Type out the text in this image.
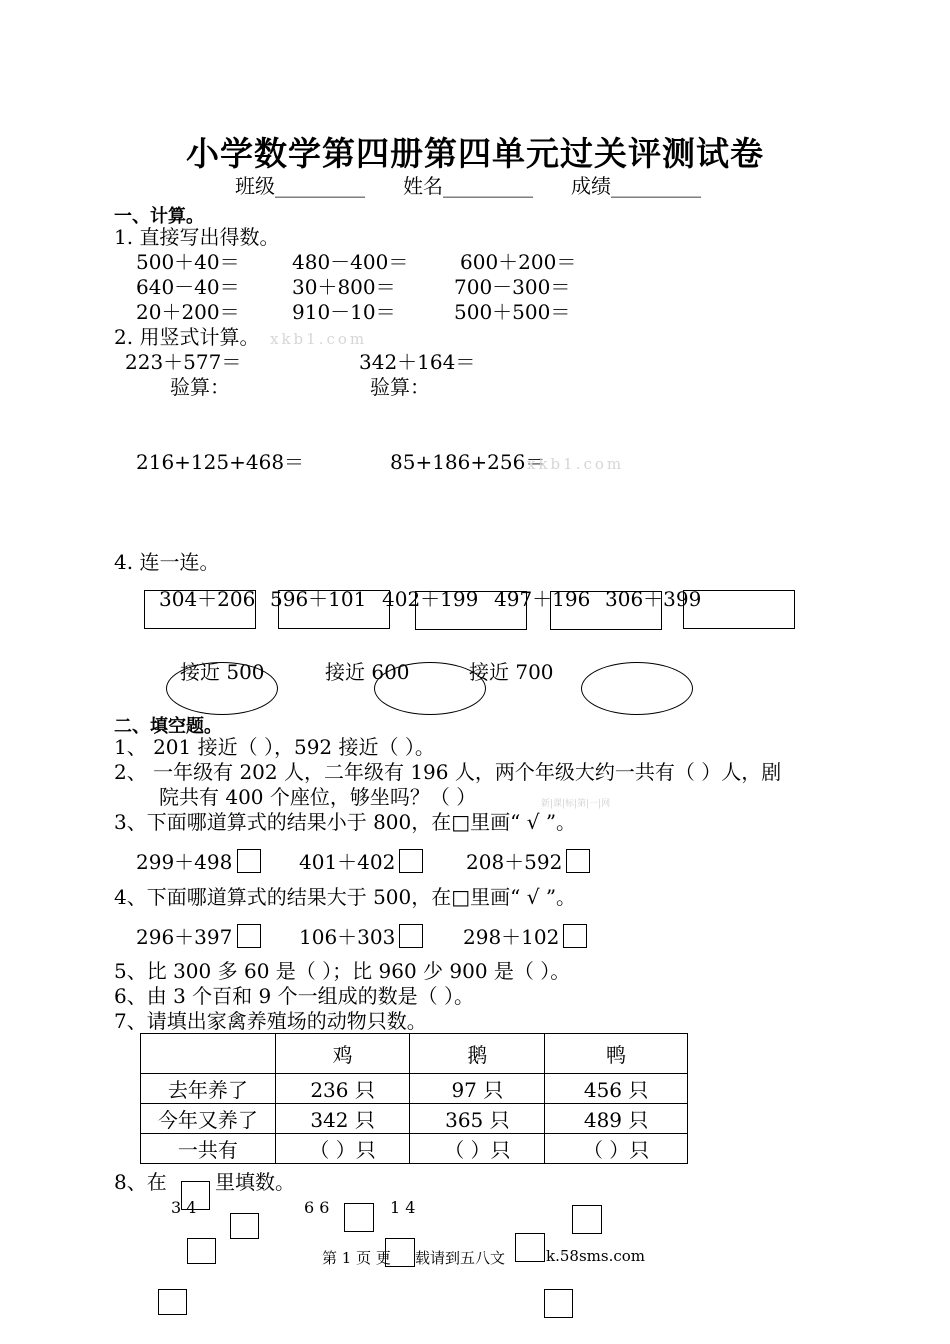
小学数学第四册第四单元过关评测试卷
班级_________ 姓名_________ 成绩_________
一、计算。
1. 直接写出得数。
500＋40＝	480－400＝	600＋200＝
640－40＝	30＋800＝	700－300＝
20＋200＝	910－10＝	500＋500＝
2. 用竖式计算。 xkb1.com
223＋577＝	342＋164＝
验算：	验算：
216+125+468＝	85+186+256＝
xkb1.com
4. 连一连。
304＋206 596＋101 402＋199 497＋196 306＋399
接近 500	接近 600	接近 700
二、填空题。
1、 201 接近（ ），592 接近（ ）。
2、 一年级有 202 人，二年级有 196 人，两个年级大约一共有（ ）人，剧
院共有 400 个座位，够坐吗？（ ）	新|课|标|第|一|网
3、下面哪道算式的结果小于 800，在□里画“ √ ”。
299＋498	401＋402	208＋592
4、下面哪道算式的结果大于 500，在□里画“ √ ”。
296＋397	106＋303	298＋102
5、比 300 多 60 是（ ）；比 960 少 900 是（ ）。
6、由 3 个百和 9 个一组成的数是（ ）。
7、请填出家禽养殖场的动物只数。
	鸡	鹅	鸭
去年养了	236 只	97 只	456 只
今年又养了	342 只	365 只	489 只
一共有	（ ）只	（ ）只	（ ）只
8、在 里填数。
3 4	6 6	1 4
第 1 页 更 载请到五八文	k.58sms.com
